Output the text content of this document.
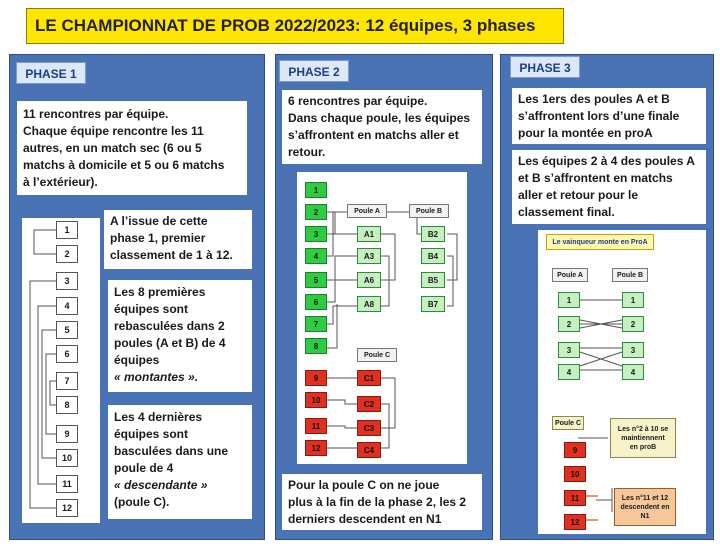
LE CHAMPIONNAT DE PROB 2022/2023: 12 équipes, 3 phases
PHASE 1
11 rencontres par équipe.
Chaque équipe rencontre les 11
autres, en un match sec (6 ou 5
matchs à domicile et 5 ou 6 matchs
à l’extérieur).
1
2
3
4
5
6
7
8
9
10
11
12
A l’issue de cette
phase 1, premier
classement de 1 à 12.
Les 8 premières
équipes sont
rebasculées dans 2
poules (A et B) de 4
équipes
« montantes ».
Les 4 dernières
équipes sont
basculées dans une
poule de 4
« descendante »
(poule C).
PHASE 2
6 rencontres par équipe.
Dans chaque poule, les équipes
s’affrontent en matchs aller et
retour.
1
2
3
4
5
6
7
8
Poule A	Poule B
A1
A3
A6
A8
B2
B4
B5
B7
Poule C
9
10
11
12
C1
C2
C3
C4
Pour la poule C on ne joue
plus à la fin de la phase 2, les 2
derniers descendent en N1
PHASE 3
Les 1ers des poules A et B
s’affrontent lors d’une finale
pour la montée en proA
Les équipes 2 à 4 des poules A
et B s’affrontent en matchs
aller et retour pour le
classement final.
Le vainqueur monte en ProA
Poule A	Poule B
1
2
3
4
1
2
3
4
Poule C
Les n°2 à 10 se
maintiennent
en proB
9
10
11
12
Les n°11 et 12
descendent en
N1
